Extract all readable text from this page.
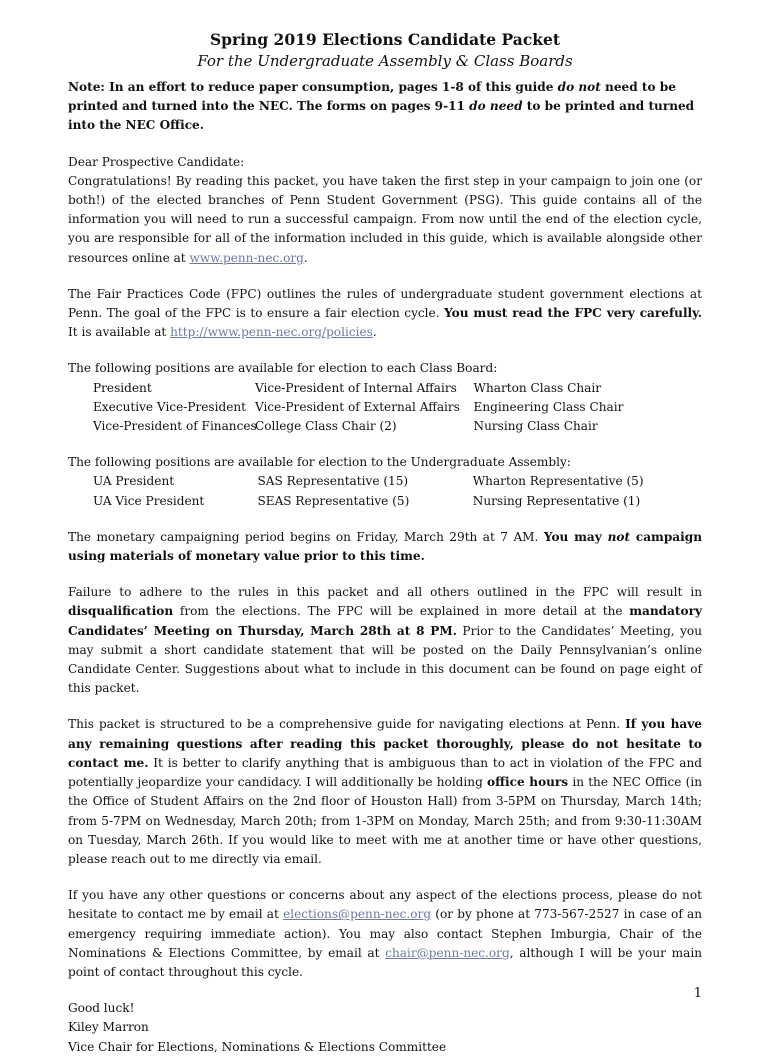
Spring 2019 Elections Candidate Packet
For the Undergraduate Assembly & Class Boards

Note: In an effort to reduce paper consumption, pages 1-8 of this guide do not need to be printed and turned into the NEC. The forms on pages 9-11 do need to be printed and turned into the NEC Office.

Dear Prospective Candidate:

Congratulations! By reading this packet, you have taken the first step in your campaign to join one (or both!) of the elected branches of Penn Student Government (PSG). This guide contains all of the information you will need to run a successful campaign. From now until the end of the election cycle, you are responsible for all of the information included in this guide, which is available alongside other resources online at www.penn-nec.org.

The Fair Practices Code (FPC) outlines the rules of undergraduate student government elections at Penn. The goal of the FPC is to ensure a fair election cycle. You must read the FPC very carefully. It is available at http://www.penn-nec.org/policies.

The following positions are available for election to each Class Board:

President
Executive Vice-President
Vice-President of Finances
Vice-President of Internal Affairs
Vice-President of External Affairs
College Class Chair (2)
Wharton Class Chair
Engineering Class Chair
Nursing Class Chair

The following positions are available for election to the Undergraduate Assembly:

UA President
UA Vice President
SAS Representative (15)
SEAS Representative (5)
Wharton Representative (5)
Nursing Representative (1)

The monetary campaigning period begins on Friday, March 29th at 7 AM. You may not campaign using materials of monetary value prior to this time.

Failure to adhere to the rules in this packet and all others outlined in the FPC will result in disqualification from the elections. The FPC will be explained in more detail at the mandatory Candidates’ Meeting on Thursday, March 28th at 8 PM. Prior to the Candidates’ Meeting, you may submit a short candidate statement that will be posted on the Daily Pennsylvanian’s online Candidate Center. Suggestions about what to include in this document can be found on page eight of this packet.

This packet is structured to be a comprehensive guide for navigating elections at Penn. If you have any remaining questions after reading this packet thoroughly, please do not hesitate to contact me. It is better to clarify anything that is ambiguous than to act in violation of the FPC and potentially jeopardize your candidacy. I will additionally be holding office hours in the NEC Office (in the Office of Student Affairs on the 2nd floor of Houston Hall) from 3-5PM on Thursday, March 14th; from 5-7PM on Wednesday, March 20th; from 1-3PM on Monday, March 25th; and from 9:30-11:30AM on Tuesday, March 26th. If you would like to meet with me at another time or have other questions, please reach out to me directly via email.

If you have any other questions or concerns about any aspect of the elections process, please do not hesitate to contact me by email at elections@penn-nec.org (or by phone at 773-567-2527 in case of an emergency requiring immediate action). You may also contact Stephen Imburgia, Chair of the Nominations & Elections Committee, by email at chair@penn-nec.org, although I will be your main point of contact throughout this cycle.

Good luck!

Kiley Marron

Vice Chair for Elections, Nominations & Elections Committee

1
